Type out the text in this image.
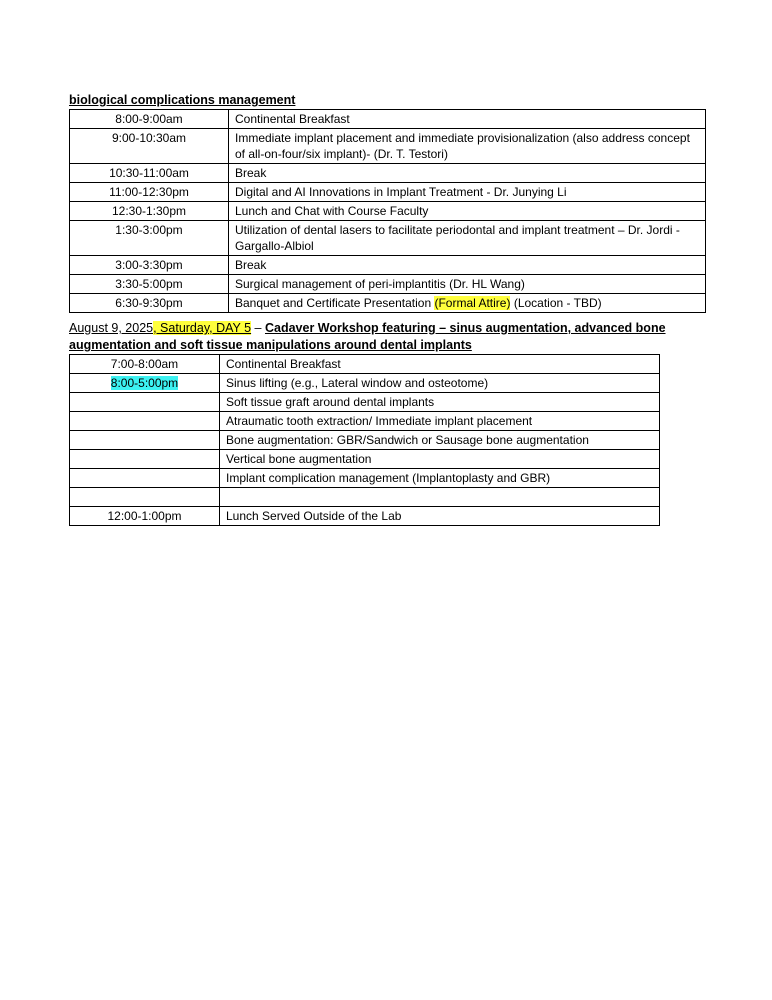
biological complications management
8:00-9:00am	Continental Breakfast
9:00-10:30am	Immediate implant placement and immediate provisionalization (also address concept of all-on-four/six implant)- (Dr. T. Testori)
10:30-11:00am	Break
11:00-12:30pm	Digital and AI Innovations in Implant Treatment - Dr. Junying Li
12:30-1:30pm	Lunch and Chat with Course Faculty
1:30-3:00pm	Utilization of dental lasers to facilitate periodontal and implant treatment – Dr. Jordi - Gargallo-Albiol
3:00-3:30pm	Break
3:30-5:00pm	Surgical management of peri-implantitis (Dr. HL Wang)
6:30-9:30pm	Banquet and Certificate Presentation (Formal Attire) (Location - TBD)
August 9, 2025, Saturday, DAY 5 – Cadaver Workshop featuring – sinus augmentation, advanced bone augmentation and soft tissue manipulations around dental implants
7:00-8:00am	Continental Breakfast
8:00-5:00pm	Sinus lifting (e.g., Lateral window and osteotome)
	Soft tissue graft around dental implants
	Atraumatic tooth extraction/ Immediate implant placement
	Bone augmentation: GBR/Sandwich or Sausage bone augmentation
	Vertical bone augmentation
	Implant complication management (Implantoplasty and GBR)

12:00-1:00pm	Lunch Served Outside of the Lab
